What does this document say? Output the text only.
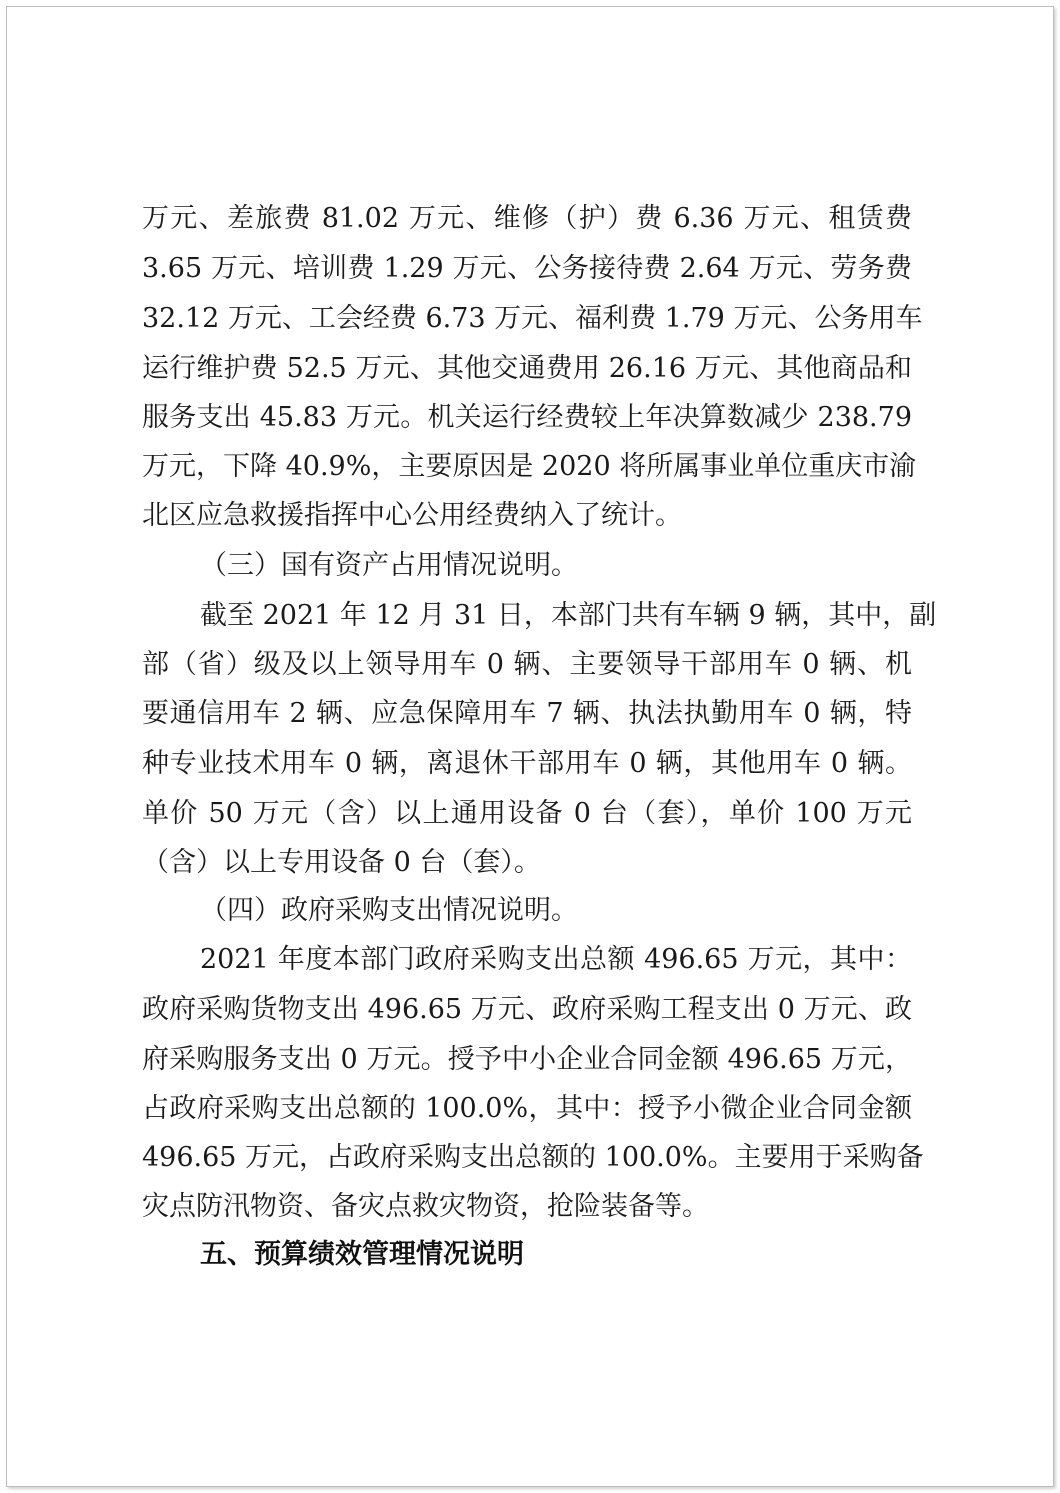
万元、差旅费 81.02 万元、维修（护）费 6.36 万元、租赁费
3.65 万元、培训费 1.29 万元、公务接待费 2.64 万元、劳务费
32.12 万元、工会经费 6.73 万元、福利费 1.79 万元、公务用车
运行维护费 52.5 万元、其他交通费用 26.16 万元、其他商品和
服务支出 45.83 万元。机关运行经费较上年决算数减少 238.79
万元，下降 40.9%，主要原因是 2020 将所属事业单位重庆市渝
北区应急救援指挥中心公用经费纳入了统计。
（三）国有资产占用情况说明。
截至 2021 年 12 月 31 日，本部门共有车辆 9 辆，其中，副
部（省）级及以上领导用车 0 辆、主要领导干部用车 0 辆、机
要通信用车 2 辆、应急保障用车 7 辆、执法执勤用车 0 辆，特
种专业技术用车 0 辆，离退休干部用车 0 辆，其他用车 0 辆。
单价 50 万元（含）以上通用设备 0 台（套），单价 100 万元
（含）以上专用设备 0 台（套）。
（四）政府采购支出情况说明。
2021 年度本部门政府采购支出总额 496.65 万元，其中：
政府采购货物支出 496.65 万元、政府采购工程支出 0 万元、政
府采购服务支出 0 万元。授予中小企业合同金额 496.65 万元，
占政府采购支出总额的 100.0%，其中：授予小微企业合同金额
496.65 万元，占政府采购支出总额的 100.0%。主要用于采购备
灾点防汛物资、备灾点救灾物资，抢险装备等。
五、预算绩效管理情况说明
